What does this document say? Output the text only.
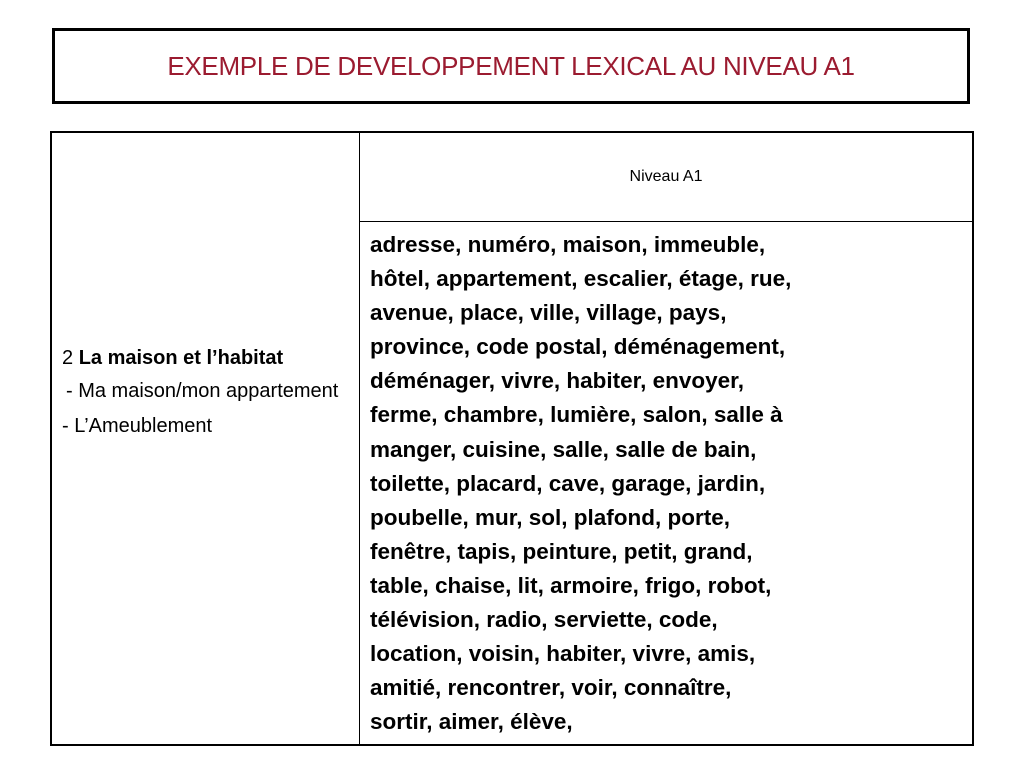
EXEMPLE DE DEVELOPPEMENT LEXICAL AU NIVEAU A1
2 La maison et l’habitat
- Ma maison/mon appartement
- L’Ameublement
Niveau A1
adresse, numéro, maison, immeuble,
hôtel, appartement, escalier, étage, rue,
avenue, place, ville, village, pays,
province, code postal, déménagement,
déménager, vivre, habiter, envoyer,
ferme, chambre, lumière, salon, salle à
manger, cuisine, salle, salle de bain,
toilette, placard, cave, garage, jardin,
poubelle, mur, sol, plafond, porte,
fenêtre, tapis, peinture, petit, grand,
table, chaise, lit, armoire, frigo, robot,
télévision, radio, serviette, code,
location, voisin, habiter, vivre, amis,
amitié, rencontrer, voir, connaître,
sortir, aimer, élève,
